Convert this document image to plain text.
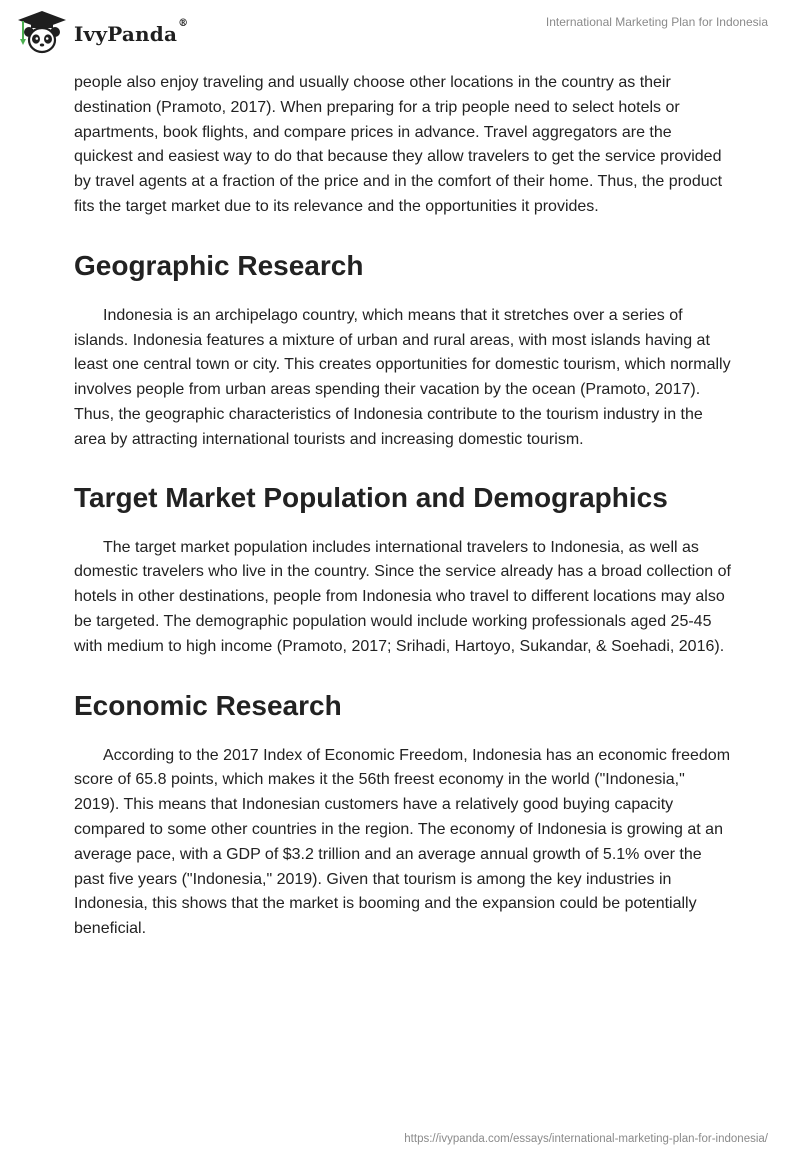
IvyPanda ®	International Marketing Plan for Indonesia

people also enjoy traveling and usually choose other locations in the country as their destination (Pramoto, 2017). When preparing for a trip people need to select hotels or apartments, book flights, and compare prices in advance. Travel aggregators are the quickest and easiest way to do that because they allow travelers to get the service provided by travel agents at a fraction of the price and in the comfort of their home. Thus, the product fits the target market due to its relevance and the opportunities it provides.

Geographic Research

Indonesia is an archipelago country, which means that it stretches over a series of islands. Indonesia features a mixture of urban and rural areas, with most islands having at least one central town or city. This creates opportunities for domestic tourism, which normally involves people from urban areas spending their vacation by the ocean (Pramoto, 2017). Thus, the geographic characteristics of Indonesia contribute to the tourism industry in the area by attracting international tourists and increasing domestic tourism.

Target Market Population and Demographics

The target market population includes international travelers to Indonesia, as well as domestic travelers who live in the country. Since the service already has a broad collection of hotels in other destinations, people from Indonesia who travel to different locations may also be targeted. The demographic population would include working professionals aged 25-45 with medium to high income (Pramoto, 2017; Srihadi, Hartoyo, Sukandar, & Soehadi, 2016).

Economic Research

According to the 2017 Index of Economic Freedom, Indonesia has an economic freedom score of 65.8 points, which makes it the 56th freest economy in the world ("Indonesia," 2019). This means that Indonesian customers have a relatively good buying capacity compared to some other countries in the region. The economy of Indonesia is growing at an average pace, with a GDP of $3.2 trillion and an average annual growth of 5.1% over the past five years ("Indonesia," 2019). Given that tourism is among the key industries in Indonesia, this shows that the market is booming and the expansion could be potentially beneficial.

https://ivypanda.com/essays/international-marketing-plan-for-indonesia/
